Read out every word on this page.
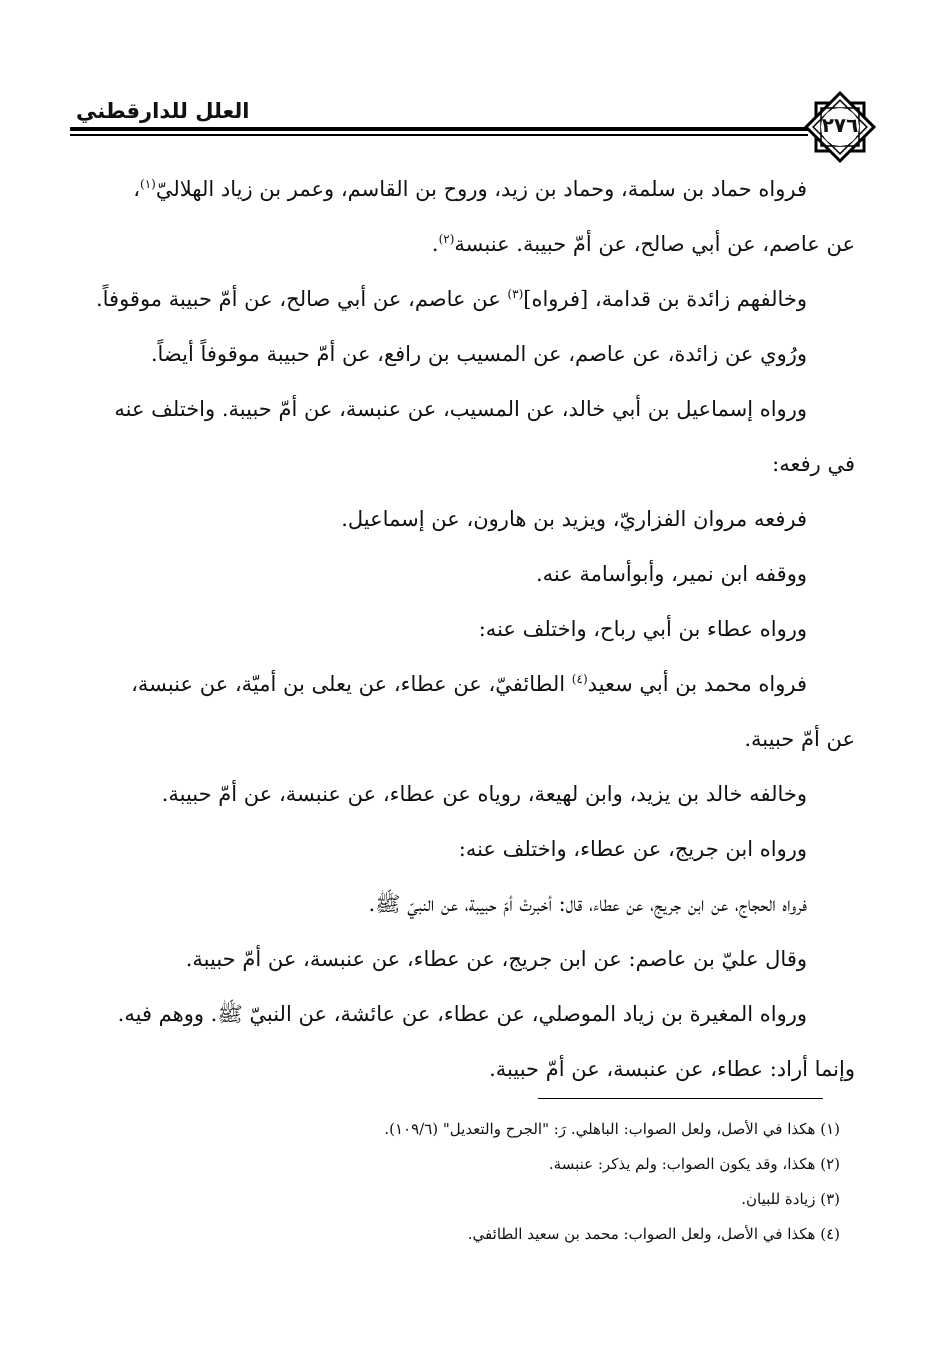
العلل للدارقطني
٢٧٦
فرواه حماد بن سلمة، وحماد بن زيد، وروح بن القاسم، وعمر بن زياد الهلاليّ$^{(١)}$،
عن عاصم، عن أبي صالح، عن أمّ حبيبة. عنبسة$^{(٢)}$.
وخالفهم زائدة بن قدامة، [فرواه]$^{(٣)}$ عن عاصم، عن أبي صالح، عن أمّ حبيبة موقوفاً.
ورُوي عن زائدة، عن عاصم، عن المسيب بن رافع، عن أمّ حبيبة موقوفاً أيضاً.
ورواه إسماعيل بن أبي خالد، عن المسيب، عن عنبسة، عن أمّ حبيبة. واختلف عنه
في رفعه:
فرفعه مروان الفزاريّ، ويزيد بن هارون، عن إسماعيل.
ووقفه ابن نمير، وأبوأسامة عنه.
ورواه عطاء بن أبي رباح، واختلف عنه:
فرواه محمد بن أبي سعيد$^{(٤)}$ الطائفيّ، عن عطاء، عن يعلى بن أميّة، عن عنبسة،
عن أمّ حبيبة.
وخالفه خالد بن يزيد، وابن لهيعة، روياه عن عطاء، عن عنبسة، عن أمّ حبيبة.
ورواه ابن جريج، عن عطاء، واختلف عنه:
فرواه الحجاج، عن ابن جريج، عن عطاء، قال: أخبرتْ أمّ حبيبة، عن النبيّ ﷺ.
وقال عليّ بن عاصم: عن ابن جريج، عن عطاء، عن عنبسة، عن أمّ حبيبة.
ورواه المغيرة بن زياد الموصلي، عن عطاء، عن عائشة، عن النبيّ ﷺ. ووهم فيه.
وإنما أراد: عطاء، عن عنبسة، عن أمّ حبيبة.
(١) هكذا في الأصل، ولعل الصواب: الباهلي. رَ: "الجرح والتعديل" (١٠٩/٦).
(٢) هكذا، وقد يكون الصواب: ولم يذكر: عنبسة.
(٣) زيادة للبيان.
(٤) هكذا في الأصل، ولعل الصواب: محمد بن سعيد الطائفي.
